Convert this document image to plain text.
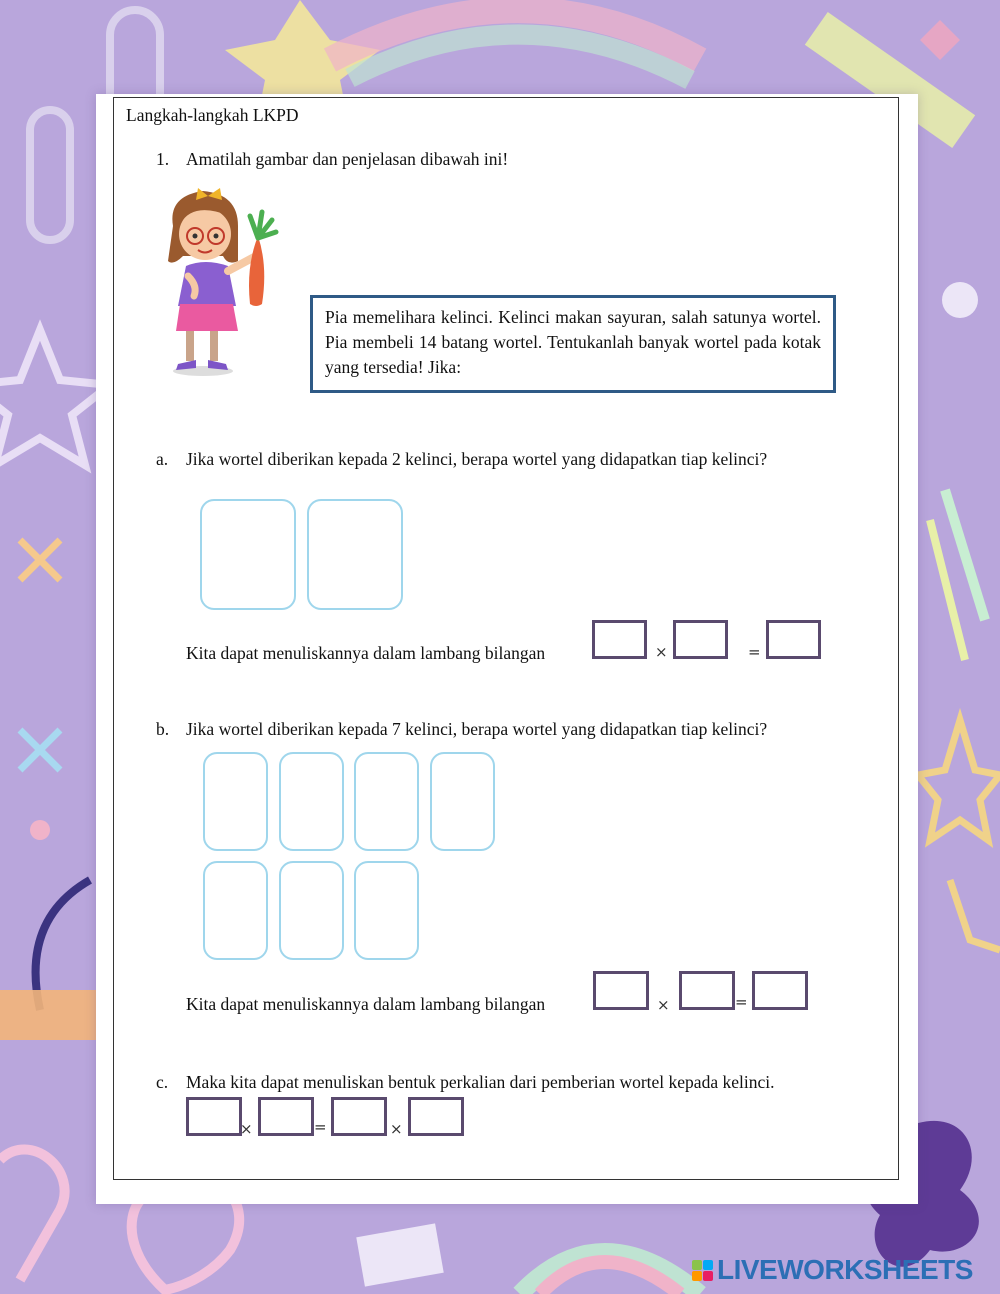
Langkah-langkah LKPD
1. Amatilah gambar dan penjelasan dibawah ini!
Pia memelihara kelinci. Kelinci makan sayuran, salah satunya wortel. Pia membeli 14 batang wortel. Tentukanlah banyak wortel pada kotak yang tersedia! Jika:
a. Jika wortel diberikan kepada 2 kelinci, berapa wortel yang didapatkan tiap kelinci?
Kita dapat menuliskannya dalam lambang bilangan	×	=
b. Jika wortel diberikan kepada 7 kelinci, berapa wortel yang didapatkan tiap kelinci?
Kita dapat menuliskannya dalam lambang bilangan	×	=
c. Maka kita dapat menuliskan bentuk perkalian dari pemberian wortel kepada kelinci.
×	=	×
LIVEWORKSHEETS
